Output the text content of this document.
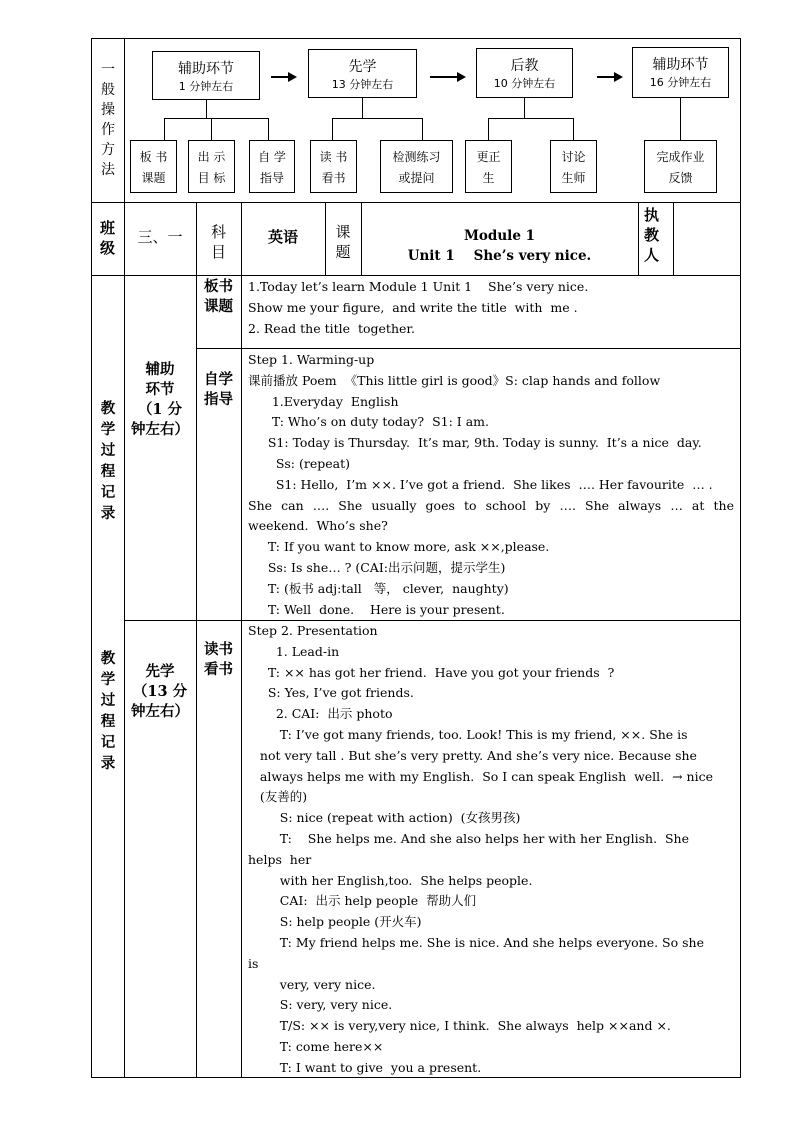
一
般
操
作
方
法
辅助环节
1 分钟左右
先学
13 分钟左右
后教
10 分钟左右
辅助环节
16 分钟左右
板 书
课题
出 示
目 标
自 学
指导
读 书
看书
检测练习
或提问
更正
生
讨论
生师
完成作业
反馈
班
级
三、一	科
目
英语	课
题
Module 1
Unit 1    She’s very nice.
执
教
人
教
学
过
程
记
录
教
学
过
程
记
录
辅助
环节
（1 分
钟左右）
先学
（13 分
钟左右）
板书
课题
自学
指导
读书
看书
1.Today let’s learn Module 1 Unit 1    She’s very nice.
Show me your figure,  and write the title  with  me .
2. Read the title  together.
Step 1. Warming-up
课前播放 Poem  《This little girl is good》S: clap hands and follow
1.Everyday  English
T: Who’s on duty today?  S1: I am.
S1: Today is Thursday.  It’s mar, 9th. Today is sunny.  It’s a nice  day.
Ss: (repeat)
S1: Hello,  I’m ××. I’ve got a friend.  She likes  …. Her favourite  … .
She can …. She usually goes to school by …. She always … at the
weekend.  Who’s she?
T: If you want to know more, ask ××,please.
Ss: Is she… ? (CAI:出示问题，提示学生)
T: (板书 adj:tall   等， clever,  naughty)
T: Well  done.    Here is your present.
Step 2. Presentation
1. Lead-in
T: ×× has got her friend.  Have you got your friends  ?
S: Yes, I’ve got friends.
2. CAI:  出示 photo
T: I’ve got many friends, too. Look! This is my friend, ××. She is
not very tall . But she’s very pretty. And she’s very nice. Because she
always helps me with my English.  So I can speak English  well.  → nice
(友善的)
S: nice (repeat with action)  (女孩男孩)
T:    She helps me. And she also helps her with her English.  She
helps  her
with her English,too.  She helps people.
CAI:  出示 help people  帮助人们
S: help people (开火车)
T: My friend helps me. She is nice. And she helps everyone. So she
is
very, very nice.
S: very, very nice.
T/S: ×× is very,very nice, I think.  She always  help ××and ×.
T: come here××
T: I want to give  you a present.
